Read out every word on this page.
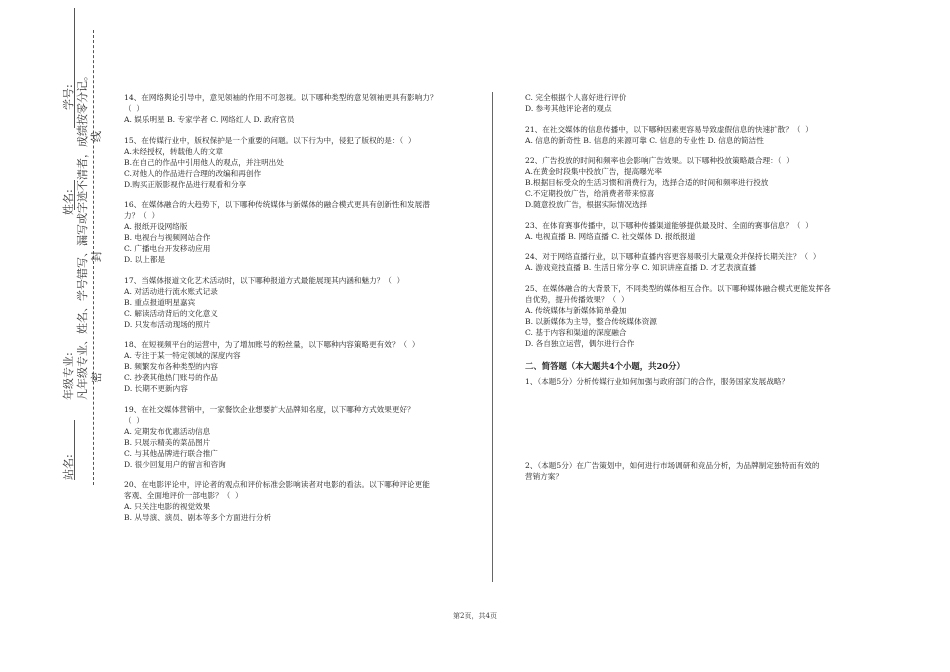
站名:
年级专业:
姓名:
学号: 凡年级专业、姓名、学号错写、漏写或字迹不清者，成绩按零分记。 线
封
密
14、在网络舆论引导中，意见领袖的作用不可忽视。以下哪种类型的意见领袖更具有影响力？
（  ）
A. 娱乐明星 B. 专家学者 C. 网络红人 D. 政府官员
15、在传媒行业中，版权保护是一个重要的问题。以下行为中，侵犯了版权的是：（  ）
A.未经授权，转载他人的文章
B.在自己的作品中引用他人的观点，并注明出处
C.对他人的作品进行合理的改编和再创作
D.购买正版影视作品进行观看和分享
16、在媒体融合的大趋势下，以下哪种传统媒体与新媒体的融合模式更具有创新性和发展潜
力？（  ）
A. 报纸开设网络版
B. 电视台与视频网站合作
C. 广播电台开发移动应用
D. 以上都是
17、当媒体报道文化艺术活动时，以下哪种报道方式最能展现其内涵和魅力？（  ）
A. 对活动进行流水账式记录
B. 重点报道明星嘉宾
C. 解读活动背后的文化意义
D. 只发布活动现场的照片
18、在短视频平台的运营中，为了增加账号的粉丝量，以下哪种内容策略更有效？（  ）
A. 专注于某一特定领域的深度内容
B. 频繁发布各种类型的内容
C. 抄袭其他热门账号的作品
D. 长期不更新内容
19、在社交媒体营销中，一家餐饮企业想要扩大品牌知名度，以下哪种方式效果更好？
（  ）
A. 定期发布优惠活动信息
B. 只展示精美的菜品图片
C. 与其他品牌进行联合推广
D. 很少回复用户的留言和咨询
20、在电影评论中，评论者的观点和评价标准会影响读者对电影的看法。以下哪种评论更能
客观、全面地评价一部电影？（  ）
A. 只关注电影的视觉效果
B. 从导演、演员、剧本等多个方面进行分析
C. 完全根据个人喜好进行评价
D. 参考其他评论者的观点
21、在社交媒体的信息传播中，以下哪种因素更容易导致虚假信息的快速扩散？（  ）
A. 信息的新奇性 B. 信息的来源可靠 C. 信息的专业性 D. 信息的简洁性
22、广告投放的时间和频率也会影响广告效果。以下哪种投放策略最合理：（  ）
A.在黄金时段集中投放广告，提高曝光率
B.根据目标受众的生活习惯和消费行为，选择合适的时间和频率进行投放
C.不定期投放广告，给消费者带来惊喜
D.随意投放广告，根据实际情况选择
23、在体育赛事传播中，以下哪种传播渠道能够提供最及时、全面的赛事信息？（  ）
A. 电视直播 B. 网络直播 C. 社交媒体 D. 报纸报道
24、对于网络直播行业，以下哪种直播内容更容易吸引大量观众并保持长期关注？（  ）
A. 游戏竞技直播 B. 生活日常分享 C. 知识讲座直播 D. 才艺表演直播
25、在媒体融合的大背景下，不同类型的媒体相互合作。以下哪种媒体融合模式更能发挥各
自优势，提升传播效果？（  ）
A. 传统媒体与新媒体简单叠加
B. 以新媒体为主导，整合传统媒体资源
C. 基于内容和渠道的深度融合
D. 各自独立运营，偶尔进行合作
二、简答题（本大题共4个小题，共20分）
1、（本题5分）分析传媒行业如何加强与政府部门的合作，服务国家发展战略？
2、（本题5分）在广告策划中，如何进行市场调研和竞品分析，为品牌制定独特而有效的
营销方案？
第2页，共4页
